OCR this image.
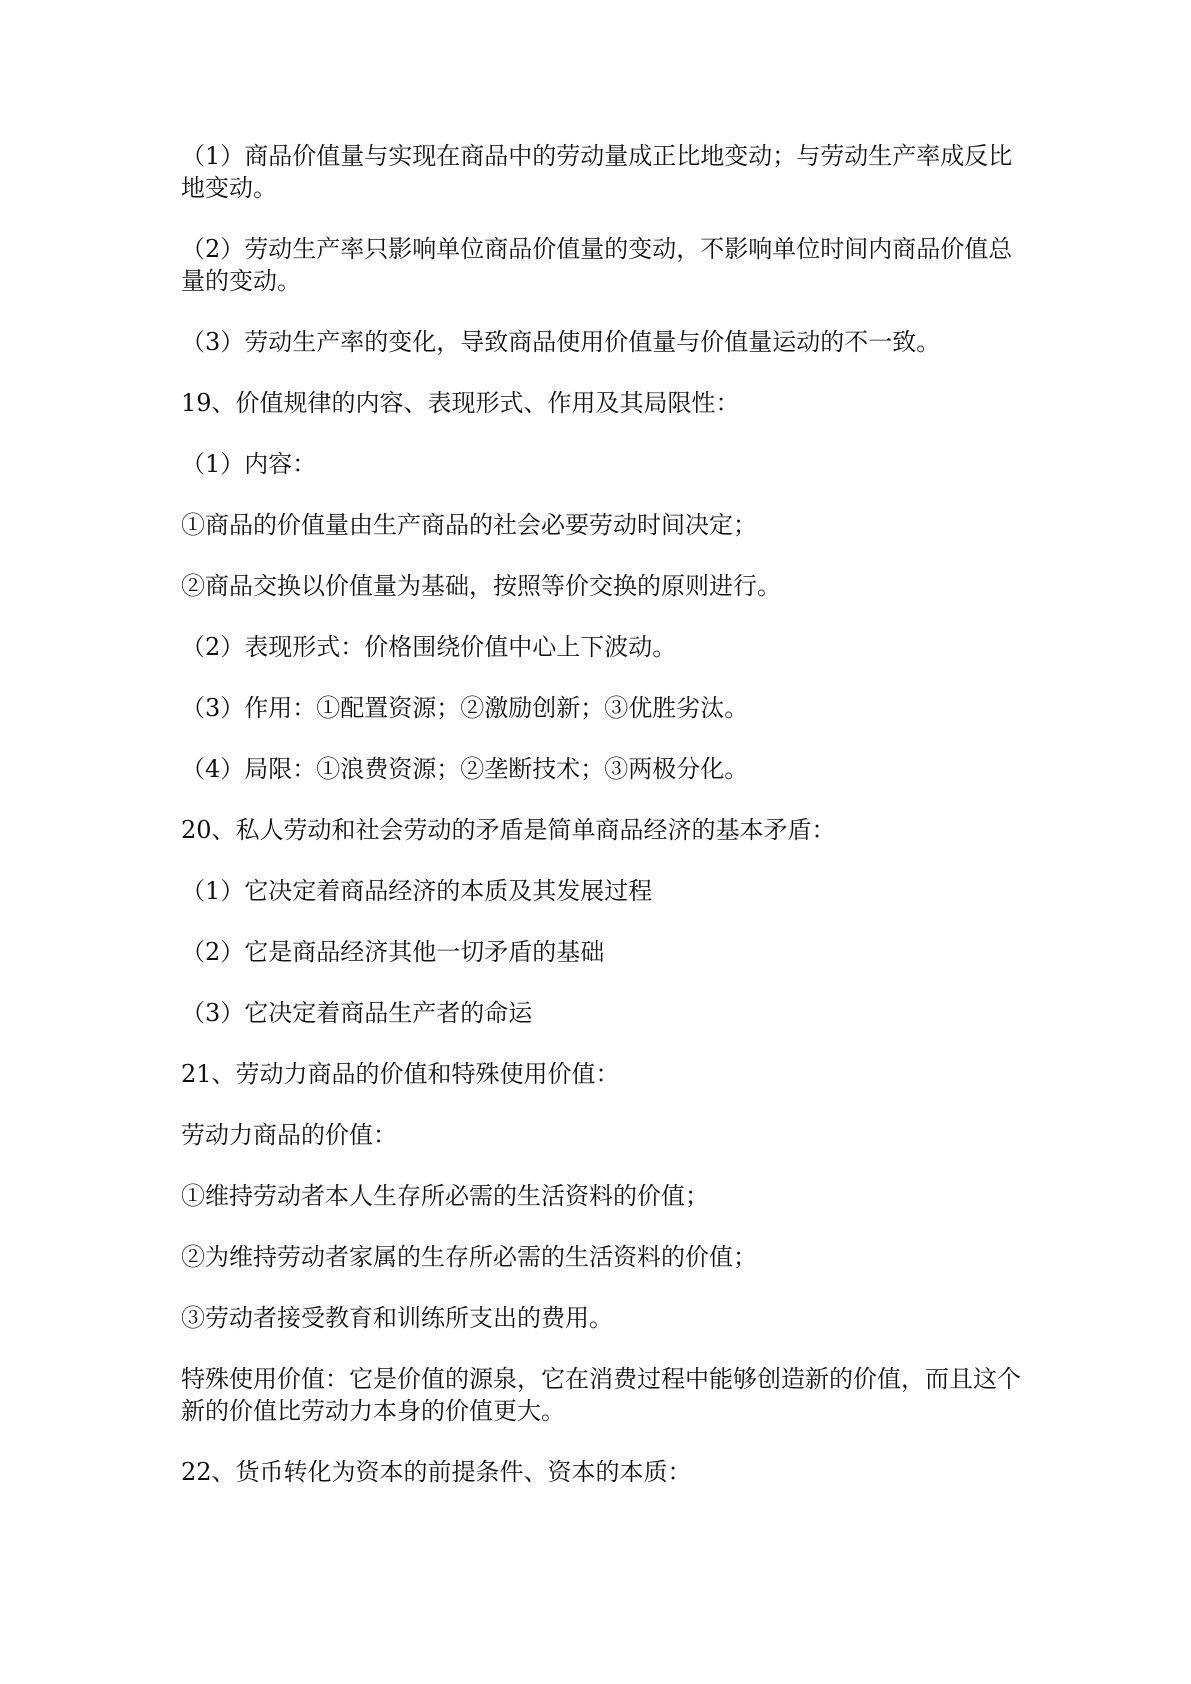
（1）商品价值量与实现在商品中的劳动量成正比地变动；与劳动生产率成反比地变动。

（2）劳动生产率只影响单位商品价值量的变动，不影响单位时间内商品价值总量的变动。

（3）劳动生产率的变化，导致商品使用价值量与价值量运动的不一致。

19、价值规律的内容、表现形式、作用及其局限性：

（1）内容：

①商品的价值量由生产商品的社会必要劳动时间决定；

②商品交换以价值量为基础，按照等价交换的原则进行。

（2）表现形式：价格围绕价值中心上下波动。

（3）作用：①配置资源；②激励创新；③优胜劣汰。

（4）局限：①浪费资源；②垄断技术；③两极分化。

20、私人劳动和社会劳动的矛盾是简单商品经济的基本矛盾：

（1）它决定着商品经济的本质及其发展过程

（2）它是商品经济其他一切矛盾的基础

（3）它决定着商品生产者的命运

21、劳动力商品的价值和特殊使用价值：

劳动力商品的价值：

①维持劳动者本人生存所必需的生活资料的价值；

②为维持劳动者家属的生存所必需的生活资料的价值；

③劳动者接受教育和训练所支出的费用。

特殊使用价值：它是价值的源泉，它在消费过程中能够创造新的价值，而且这个新的价值比劳动力本身的价值更大。

22、货币转化为资本的前提条件、资本的本质：
